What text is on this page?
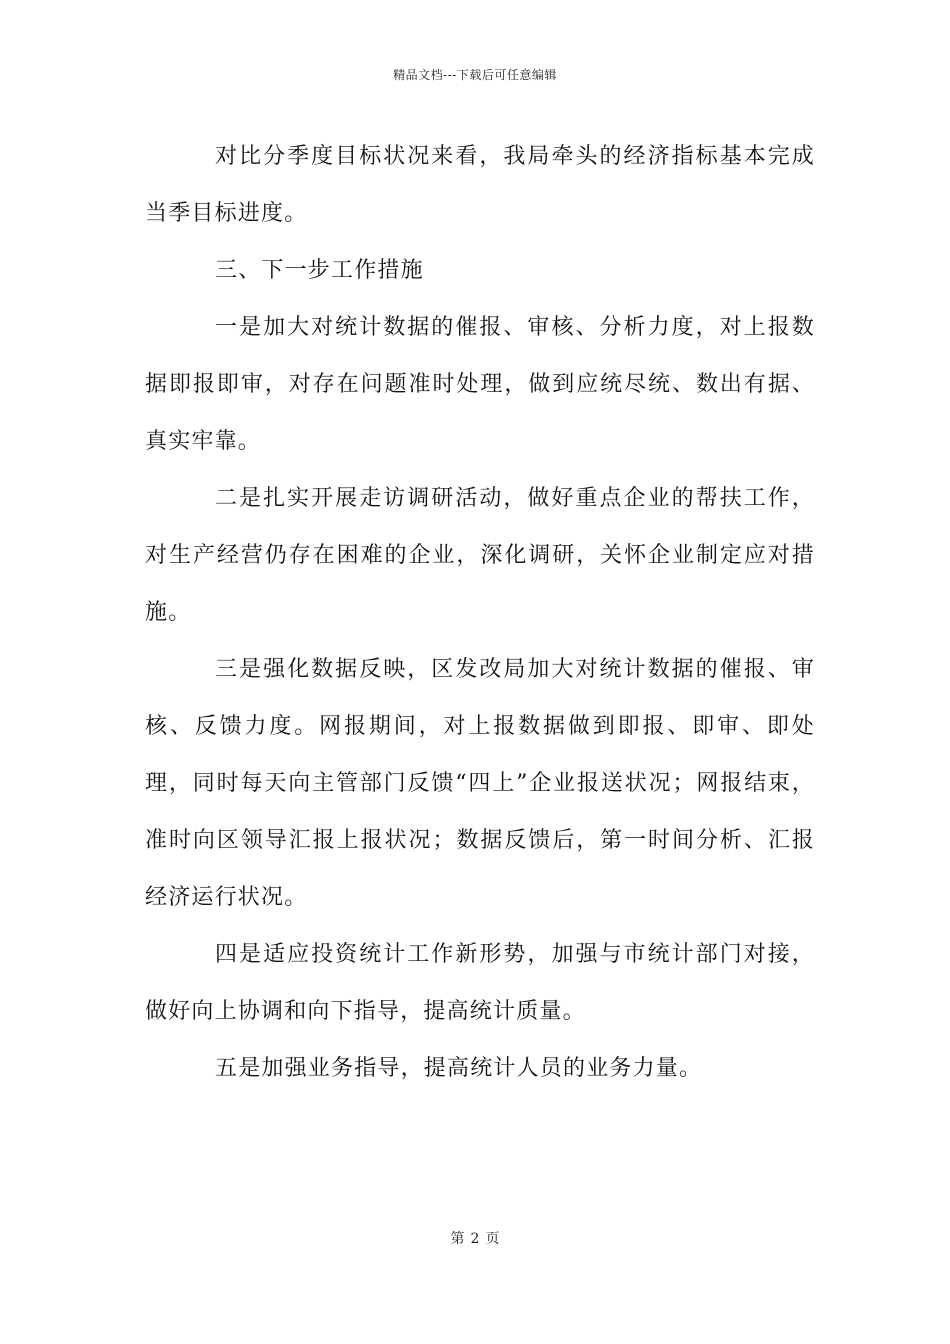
精品文档---下载后可任意编辑

对比分季度目标状况来看，我局牵头的经济指标基本完成当季目标进度。

三、下一步工作措施

一是加大对统计数据的催报、审核、分析力度，对上报数据即报即审，对存在问题准时处理，做到应统尽统、数出有据、真实牢靠。

二是扎实开展走访调研活动，做好重点企业的帮扶工作，对生产经营仍存在困难的企业，深化调研，关怀企业制定应对措施。

三是强化数据反映，区发改局加大对统计数据的催报、审核、反馈力度。网报期间，对上报数据做到即报、即审、即处理，同时每天向主管部门反馈“四上”企业报送状况；网报结束，准时向区领导汇报上报状况；数据反馈后，第一时间分析、汇报经济运行状况。

四是适应投资统计工作新形势，加强与市统计部门对接，做好向上协调和向下指导，提高统计质量。

五是加强业务指导，提高统计人员的业务力量。

第 2 页
